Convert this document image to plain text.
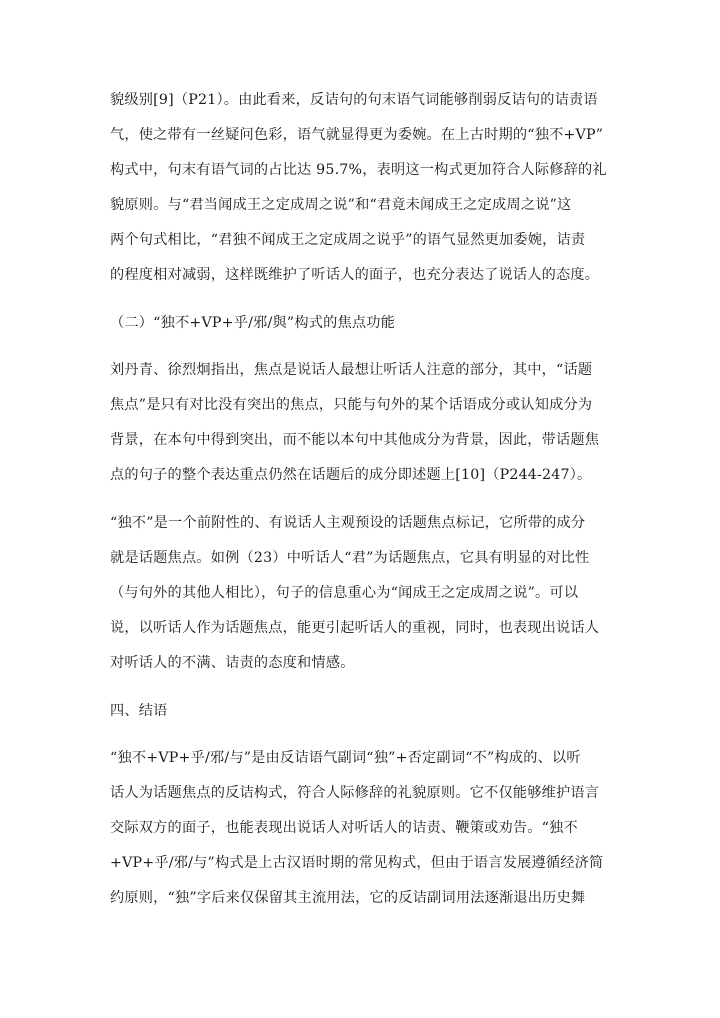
貌级别[9]（P21）。由此看来，反诘句的句末语气词能够削弱反诘句的诘责语
气，使之带有一丝疑问色彩，语气就显得更为委婉。在上古时期的“独不+VP”
构式中，句末有语气词的占比达 95.7%，表明这一构式更加符合人际修辞的礼
貌原则。与“君当闻成王之定成周之说”和“君竟未闻成王之定成周之说”这
两个句式相比，“君独不闻成王之定成周之说乎”的语气显然更加委婉，诘责
的程度相对减弱，这样既维护了听话人的面子，也充分表达了说话人的态度。
（二）“独不+VP+乎/邪/與”构式的焦点功能
刘丹青、徐烈炯指出，焦点是说话人最想让听话人注意的部分，其中，“话题
焦点”是只有对比没有突出的焦点，只能与句外的某个话语成分或认知成分为
背景，在本句中得到突出，而不能以本句中其他成分为背景，因此，带话题焦
点的句子的整个表达重点仍然在话题后的成分即述题上[10]（P244-247）。
“独不”是一个前附性的、有说话人主观预设的话题焦点标记，它所带的成分
就是话题焦点。如例（23）中听话人“君”为话题焦点，它具有明显的对比性
（与句外的其他人相比），句子的信息重心为“闻成王之定成周之说”。可以
说，以听话人作为话题焦点，能更引起听话人的重视，同时，也表现出说话人
对听话人的不满、诘责的态度和情感。
四、结语
“独不+VP+乎/邪/与”是由反诘语气副词“独”+否定副词“不”构成的、以听
话人为话题焦点的反诘构式，符合人际修辞的礼貌原则。它不仅能够维护语言
交际双方的面子，也能表现出说话人对听话人的诘责、鞭策或劝告。“独不
+VP+乎/邪/与”构式是上古汉语时期的常见构式，但由于语言发展遵循经济简
约原则，“独”字后来仅保留其主流用法，它的反诘副词用法逐渐退出历史舞
